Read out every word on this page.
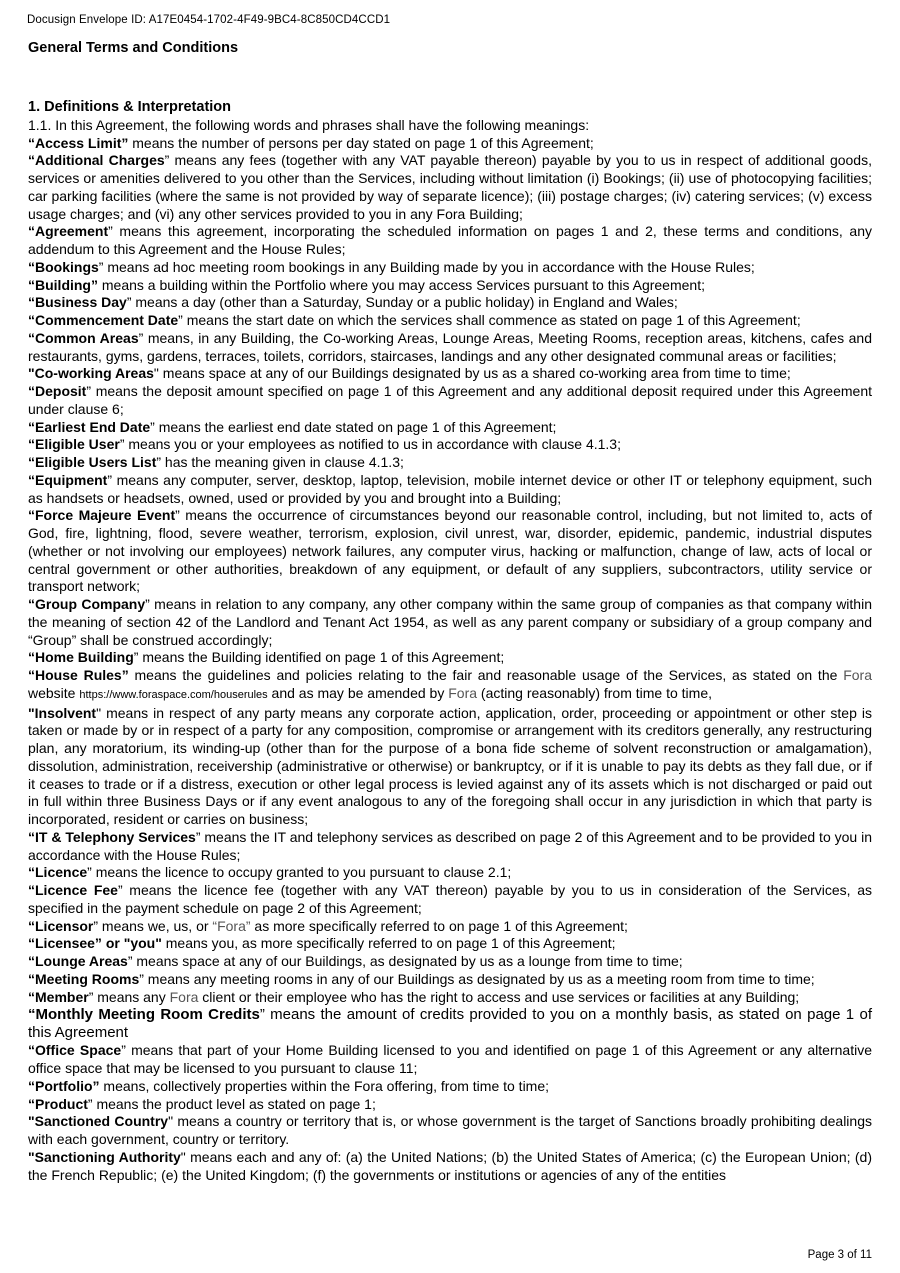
Docusign Envelope ID: A17E0454-1702-4F49-9BC4-8C850CD4CCD1
General Terms and Conditions

1. Definitions & Interpretation

1.1. In this Agreement, the following words and phrases shall have the following meanings:

“Access Limit” means the number of persons per day stated on page 1 of this Agreement;

“Additional Charges” means any fees (together with any VAT payable thereon) payable by you to us in respect of additional goods, services or amenities delivered to you other than the Services, including without limitation (i) Bookings; (ii) use of photocopying facilities; car parking facilities (where the same is not provided by way of separate licence); (iii) postage charges; (iv) catering services; (v) excess usage charges; and (vi) any other services provided to you in any Fora Building;

“Agreement” means this agreement, incorporating the scheduled information on pages 1 and 2, these terms and conditions, any addendum to this Agreement and the House Rules;

“Bookings” means ad hoc meeting room bookings in any Building made by you in accordance with the House Rules;

“Building” means a building within the Portfolio where you may access Services pursuant to this Agreement;

“Business Day” means a day (other than a Saturday, Sunday or a public holiday) in England and Wales;

“Commencement Date” means the start date on which the services shall commence as stated on page 1 of this Agreement;

“Common Areas” means, in any Building, the Co-working Areas, Lounge Areas, Meeting Rooms, reception areas, kitchens, cafes and restaurants, gyms, gardens, terraces, toilets, corridors, staircases, landings and any other designated communal areas or facilities;

"Co-working Areas" means space at any of our Buildings designated by us as a shared co-working area from time to time;

“Deposit” means the deposit amount specified on page 1 of this Agreement and any additional deposit required under this Agreement under clause 6;

“Earliest End Date” means the earliest end date stated on page 1 of this Agreement;

“Eligible User” means you or your employees as notified to us in accordance with clause 4.1.3;

“Eligible Users List” has the meaning given in clause 4.1.3;

“Equipment” means any computer, server, desktop, laptop, television, mobile internet device or other IT or telephony equipment, such as handsets or headsets, owned, used or provided by you and brought into a Building;

“Force Majeure Event” means the occurrence of circumstances beyond our reasonable control, including, but not limited to, acts of God, fire, lightning, flood, severe weather, terrorism, explosion, civil unrest, war, disorder, epidemic, pandemic, industrial disputes (whether or not involving our employees) network failures, any computer virus, hacking or malfunction, change of law, acts of local or central government or other authorities, breakdown of any equipment, or default of any suppliers, subcontractors, utility service or transport network;

“Group Company” means in relation to any company, any other company within the same group of companies as that company within the meaning of section 42 of the Landlord and Tenant Act 1954, as well as any parent company or subsidiary of a group company and “Group” shall be construed accordingly;

“Home Building” means the Building identified on page 1 of this Agreement;

“House Rules” means the guidelines and policies relating to the fair and reasonable usage of the Services, as stated on the Fora website https://www.foraspace.com/houserules and as may be amended by Fora (acting reasonably) from time to time,

"Insolvent" means in respect of any party means any corporate action, application, order, proceeding or appointment or other step is taken or made by or in respect of a party for any composition, compromise or arrangement with its creditors generally, any restructuring plan, any moratorium, its winding-up (other than for the purpose of a bona fide scheme of solvent reconstruction or amalgamation), dissolution, administration, receivership (administrative or otherwise) or bankruptcy, or if it is unable to pay its debts as they fall due, or if it ceases to trade or if a distress, execution or other legal process is levied against any of its assets which is not discharged or paid out in full within three Business Days or if any event analogous to any of the foregoing shall occur in any jurisdiction in which that party is incorporated, resident or carries on business;

“IT & Telephony Services” means the IT and telephony services as described on page 2 of this Agreement and to be provided to you in accordance with the House Rules;

“Licence” means the licence to occupy granted to you pursuant to clause 2.1;

“Licence Fee” means the licence fee (together with any VAT thereon) payable by you to us in consideration of the Services, as specified in the payment schedule on page 2 of this Agreement;

“Licensor” means we, us, or “Fora” as more specifically referred to on page 1 of this Agreement;

“Licensee” or "you" means you, as more specifically referred to on page 1 of this Agreement;

“Lounge Areas” means space at any of our Buildings, as designated by us as a lounge from time to time;

“Meeting Rooms” means any meeting rooms in any of our Buildings as designated by us as a meeting room from time to time;

“Member” means any Fora client or their employee who has the right to access and use services or facilities at any Building;

“Monthly Meeting Room Credits” means the amount of credits provided to you on a monthly basis, as stated on page 1 of this Agreement

“Office Space” means that part of your Home Building licensed to you and identified on page 1 of this Agreement or any alternative office space that may be licensed to you pursuant to clause 11;

“Portfolio” means, collectively properties within the Fora offering, from time to time;

“Product” means the product level as stated on page 1;

"Sanctioned Country" means a country or territory that is, or whose government is the target of Sanctions broadly prohibiting dealings with each government, country or territory.

"Sanctioning Authority" means each and any of: (a) the United Nations; (b) the United States of America; (c) the European Union; (d) the French Republic; (e) the United Kingdom; (f) the governments or institutions or agencies of any of the entities

Page 3 of 11
